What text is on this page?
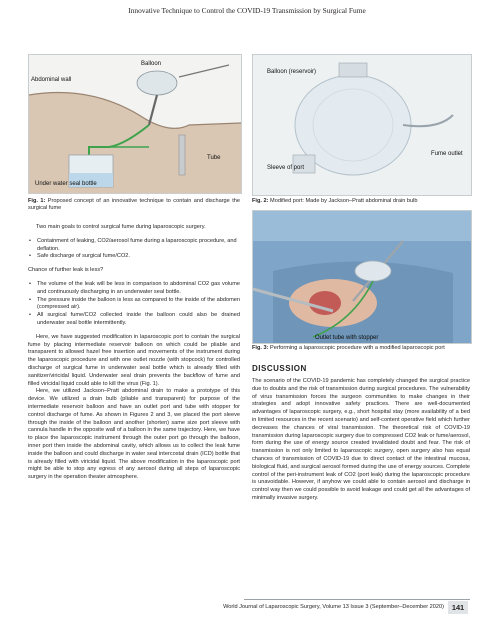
Innovative Technique to Control the COVID-19 Transmission by Surgical Fume
Balloon
Abdominal wall
Tube
Under water seal bottle
Balloon (reservoir)
Fume outlet
Sleeve of port
Fig. 1: Proposed concept of an innovative technique to contain and discharge the surgical fume
Fig. 2: Modified port: Made by Jackson–Pratt abdominal drain bulb
Outlet tube with stopper
Fig. 3: Performing a laparoscopic procedure with a modified laparoscopic port

Two main goals to control surgical fume during laparoscopic surgery.

• Containment of leaking, CO2/aerosol fume during a laparoscopic procedure, and deflation.
• Safe discharge of surgical fume/CO2.

Chance of further leak is less?

• The volume of the leak will be less in comparison to abdominal CO2 gas volume and continuously discharging in an underwater seal bottle.
• The pressure inside the balloon is less as compared to the inside of the abdomen (compressed air).
• All surgical fume/CO2 collected inside the balloon could also be drained underwater seal bottle intermittently.

Here, we have suggested modification in laparoscopic port to contain the surgical fume by placing intermediate reservoir balloon on which could be pliable and transparent to allowed hazel free insertion and movements of the instrument during the laparoscopic procedure and with one outlet nozzle (with stopcock) for controlled discharge of surgical fume in underwater seal bottle which is already filled with sanitizer/viricidal liquid. Underwater seal drain prevents the backflow of fume and filled viricidal liquid could able to kill the virus (Fig. 1).

Here, we utilized Jackson–Pratt abdominal drain to make a prototype of this device. We utilized a drain bulb (pliable and transparent) for purpose of the intermediate reservoir balloon and have an outlet port and tube with stopper for control discharge of fume. As shown in Figures 2 and 3, we placed the port sleeve through the inside of the balloon and another (shorten) same size port sleeve with cannula handle in the opposite wall of a balloon in the same trajectory. Here, we have to place the laparoscopic instrument through the outer port go through the balloon, inner port then inside the abdominal cavity, which allows us to collect the leak fume inside the balloon and could discharge in water seal intercostal drain (ICD) bottle that is already filled with viricidal liquid. The above modification in the laparoscopic port might be able to stop any egress of any aerosol during all steps of laparoscopic surgery in the operation theater atmosphere.

DISCUSSION
The scenario of the COVID-19 pandemic has completely changed the surgical practice due to doubts and the risk of transmission during surgical procedures. The vulnerability of virus transmission forces the surgeon communities to make changes in their strategies and adopt innovative safety practices. There are well-documented advantages of laparoscopic surgery, e.g., short hospital stay (more availability of a bed in limited resources in the recent scenario) and self-content operative field which further decreases the chances of viral transmission. The theoretical risk of COVID-19 transmission during laparoscopic surgery due to compressed CO2 leak or fume/aerosol, form during the use of energy source created invalidated doubt and fear. The risk of transmission is not only limited to laparoscopic surgery, open surgery also has equal chances of transmission of COVID-19 due to direct contact of the intestinal mucosa, biological fluid, and surgical aerosol formed during the use of energy sources. Complete control of the peri-instrument leak of CO2 (port leak) during the laparoscopic procedure is unavoidable. However, if anyhow we could able to contain aerosol and discharge in control way then we could possible to avoid leakage and could get all the advantages of minimally invasive surgery.
World Journal of Laparoscopic Surgery, Volume 13 Issue 3 (September–December 2020)	141
